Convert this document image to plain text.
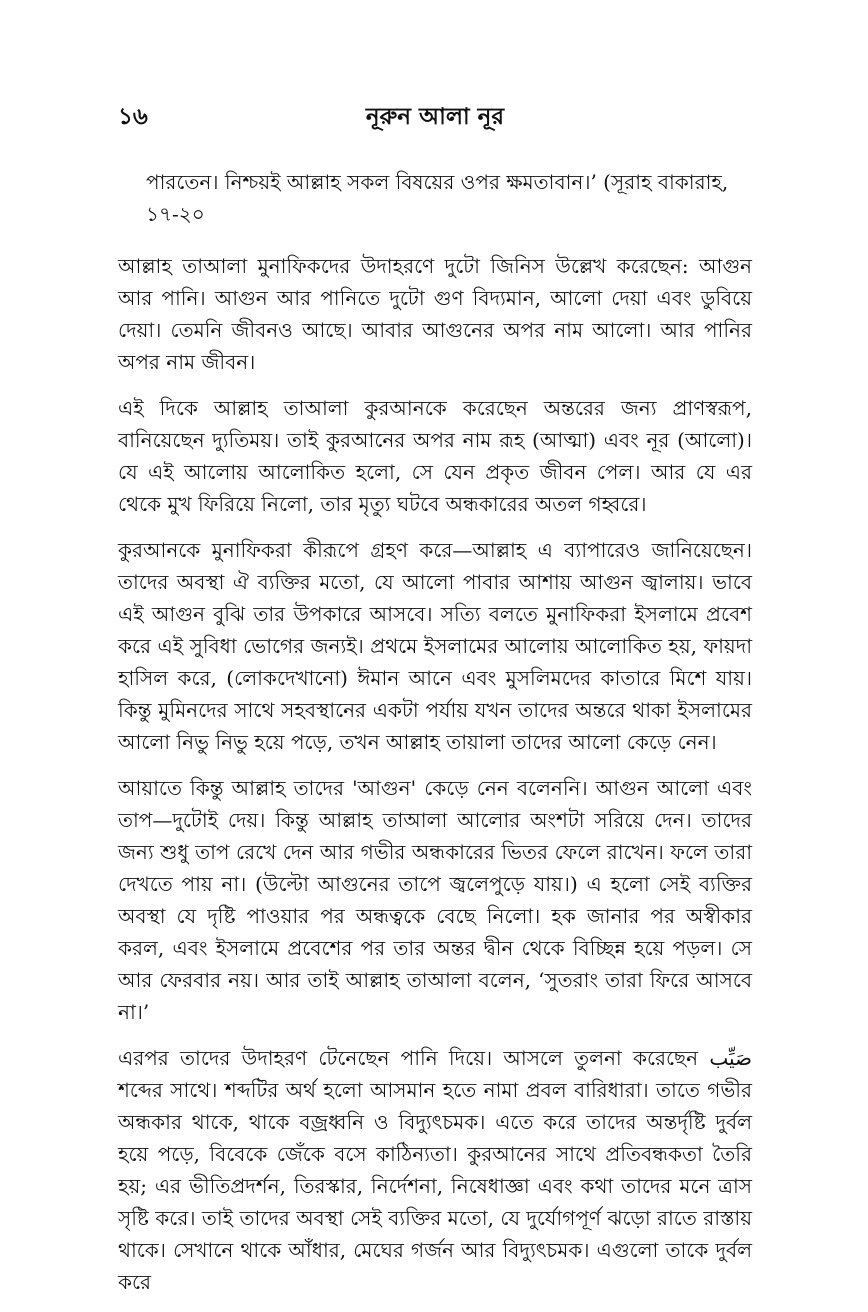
১৬	নূরুন আলা নূর

পারতেন। নিশ্চয়ই আল্লাহ সকল বিষয়ের ওপর ক্ষমতাবান।’ (সূরাহ বাকারাহ, ১৭-২০

আল্লাহ তাআলা মুনাফিকদের উদাহরণে দুটো জিনিস উল্লেখ করেছেন: আগুন আর পানি। আগুন আর পানিতে দুটো গুণ বিদ্যমান, আলো দেয়া এবং ডুবিয়ে দেয়া। তেমনি জীবনও আছে। আবার আগুনের অপর নাম আলো। আর পানির অপর নাম জীবন।

এই দিকে আল্লাহ তাআলা কুরআনকে করেছেন অন্তরের জন্য প্রাণস্বরূপ, বানিয়েছেন দ্যুতিময়। তাই কুরআনের অপর নাম রূহ (আত্মা) এবং নূর (আলো)। যে এই আলোয় আলোকিত হলো, সে যেন প্রকৃত জীবন পেল। আর যে এর থেকে মুখ ফিরিয়ে নিলো, তার মৃত্যু ঘটবে অন্ধকারের অতল গহ্বরে।

কুরআনকে মুনাফিকরা কীরূপে গ্রহণ করে—আল্লাহ এ ব্যাপারেও জানিয়েছেন। তাদের অবস্থা ঐ ব্যক্তির মতো, যে আলো পাবার আশায় আগুন জ্বালায়। ভাবে এই আগুন বুঝি তার উপকারে আসবে। সত্যি বলতে মুনাফিকরা ইসলামে প্রবেশ করে এই সুবিধা ভোগের জন্যই। প্রথমে ইসলামের আলোয় আলোকিত হয়, ফায়দা হাসিল করে, (লোকদেখানো) ঈমান আনে এবং মুসলিমদের কাতারে মিশে যায়। কিন্তু মুমিনদের সাথে সহবস্থানের একটা পর্যায় যখন তাদের অন্তরে থাকা ইসলামের আলো নিভু নিভু হয়ে পড়ে, তখন আল্লাহ তায়ালা তাদের আলো কেড়ে নেন।

আয়াতে কিন্তু আল্লাহ তাদের 'আগুন' কেড়ে নেন বলেননি। আগুন আলো এবং তাপ—দুটোই দেয়। কিন্তু আল্লাহ তাআলা আলোর অংশটা সরিয়ে দেন। তাদের জন্য শুধু তাপ রেখে দেন আর গভীর অন্ধকারের ভিতর ফেলে রাখেন। ফলে তারা দেখতে পায় না। (উল্টো আগুনের তাপে জ্বলেপুড়ে যায়।) এ হলো সেই ব্যক্তির অবস্থা যে দৃষ্টি পাওয়ার পর অন্ধত্বকে বেছে নিলো। হক জানার পর অস্বীকার করল, এবং ইসলামে প্রবেশের পর তার অন্তর দ্বীন থেকে বিচ্ছিন্ন হয়ে পড়ল। সে আর ফেরবার নয়। আর তাই আল্লাহ তাআলা বলেন, ‘সুতরাং তারা ফিরে আসবে না।’

এরপর তাদের উদাহরণ টেনেছেন পানি দিয়ে। আসলে তুলনা করেছেন صَيِّب শব্দের সাথে। শব্দটির অর্থ হলো আসমান হতে নামা প্রবল বারিধারা। তাতে গভীর অন্ধকার থাকে, থাকে বজ্রধ্বনি ও বিদ্যুৎচমক। এতে করে তাদের অন্তর্দৃষ্টি দুর্বল হয়ে পড়ে, বিবেকে জেঁকে বসে কাঠিন্যতা। কুরআনের সাথে প্রতিবন্ধকতা তৈরি হয়; এর ভীতিপ্রদর্শন, তিরস্কার, নির্দেশনা, নিষেধাজ্ঞা এবং কথা তাদের মনে ত্রাস সৃষ্টি করে। তাই তাদের অবস্থা সেই ব্যক্তির মতো, যে দুর্যোগপূর্ণ ঝড়ো রাতে রাস্তায় থাকে। সেখানে থাকে আঁধার, মেঘের গর্জন আর বিদ্যুৎচমক। এগুলো তাকে দুর্বল করে
